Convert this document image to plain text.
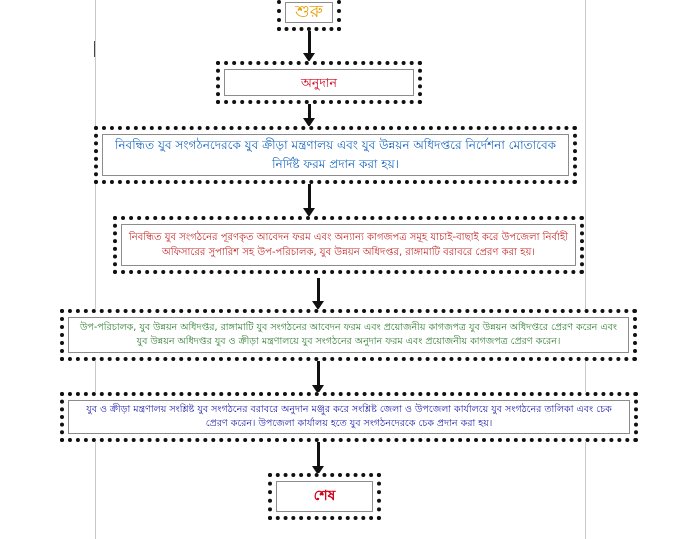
শুরু
অনুদান
নিবন্ধিত যুব সংগঠনদেরকে যুব ক্রীড়া মন্ত্রণালয় এবং যুব উন্নয়ন অধিদপ্তরে নির্দেশনা মোতাবেক নির্দিষ্ট ফরম প্রদান করা হয়।
নিবন্ধিত যুব সংগঠনের পূরণকৃত আবেদন ফরম এবং অন্যান্য কাগজপত্র সমূহ যাচাই-বাছাই করে উপজেলা নির্বাহী অফিসারের সুপারিশ সহ উপ-পরিচালক, যুব উন্নয়ন অধিদপ্তর, রাঙ্গামাটি বরাবরে প্রেরণ করা হয়।
উপ-পরিচালক, যুব উন্নয়ন অধিদপ্তর, রাঙ্গামাটি যুব সংগঠনের আবেদন ফরম এবং প্রয়োজনীয় কাগজপত্র যুব উন্নয়ন অধিদপ্তরে প্রেরণ করেন এবং যুব উন্নয়ন অধিদপ্তর যুব ও ক্রীড়া মন্ত্রণালয়ে যুব সংগঠনের অনুদান ফরম এবং প্রয়োজনীয় কাগজপত্র প্রেরণ করেন।
যুব ও ক্রীড়া মন্ত্রণালয় সংশ্লিষ্ট যুব সংগঠনের বরাবরে অনুদান মঞ্জুর করে সংশ্লিষ্ট জেলা ও উপজেলা কার্যালয়ে যুব সংগঠনের তালিকা এবং চেক প্রেরণ করেন। উপজেলা কার্যালয় হতে যুব সংগঠনদেরকে চেক প্রদান করা হয়।
শেষ
